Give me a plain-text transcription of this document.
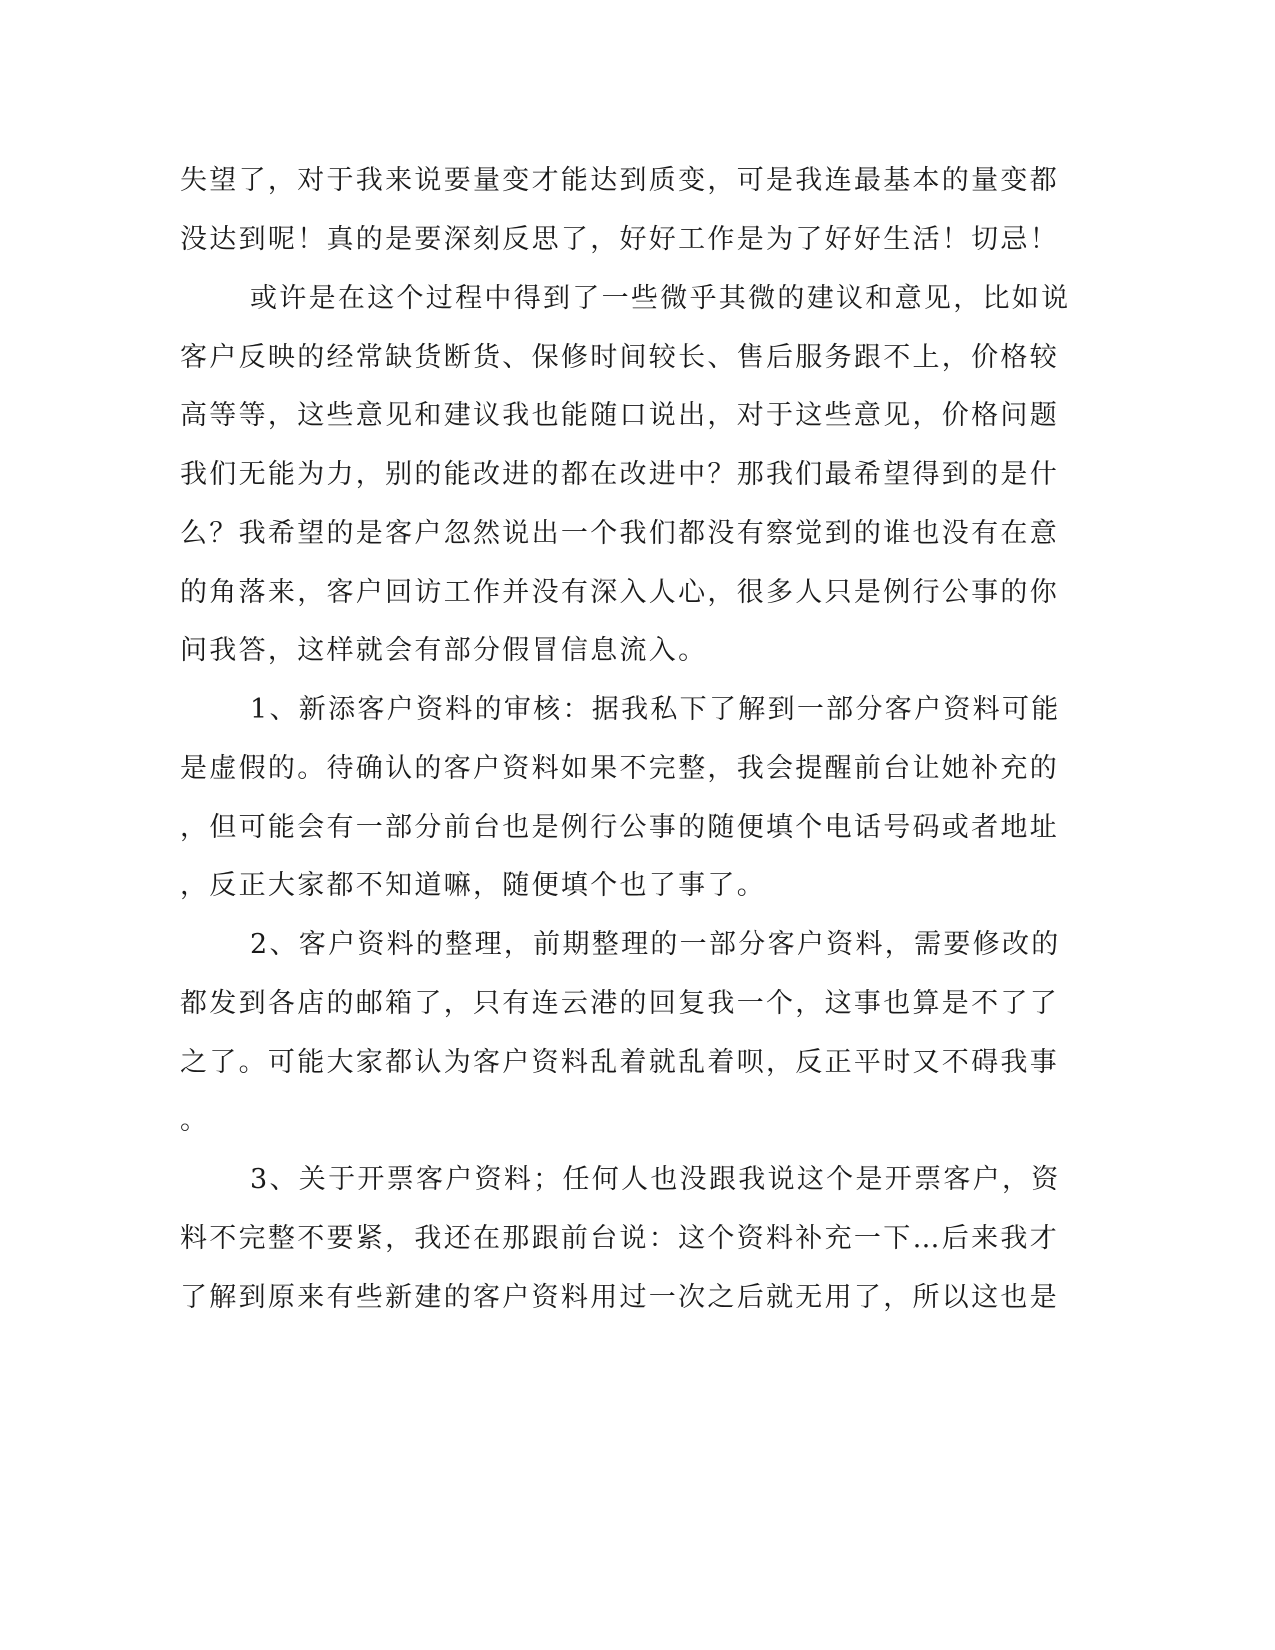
失望了，对于我来说要量变才能达到质变，可是我连最基本的量变都
没达到呢！真的是要深刻反思了，好好工作是为了好好生活！切忌！
或许是在这个过程中得到了一些微乎其微的建议和意见，比如说
客户反映的经常缺货断货、保修时间较长、售后服务跟不上，价格较
高等等，这些意见和建议我也能随口说出，对于这些意见，价格问题
我们无能为力，别的能改进的都在改进中？那我们最希望得到的是什
么？我希望的是客户忽然说出一个我们都没有察觉到的谁也没有在意
的角落来，客户回访工作并没有深入人心，很多人只是例行公事的你
问我答，这样就会有部分假冒信息流入。
1、新添客户资料的审核：据我私下了解到一部分客户资料可能
是虚假的。待确认的客户资料如果不完整，我会提醒前台让她补充的
，但可能会有一部分前台也是例行公事的随便填个电话号码或者地址
，反正大家都不知道嘛，随便填个也了事了。
2、客户资料的整理，前期整理的一部分客户资料，需要修改的
都发到各店的邮箱了，只有连云港的回复我一个，这事也算是不了了
之了。可能大家都认为客户资料乱着就乱着呗，反正平时又不碍我事
。
3、关于开票客户资料；任何人也没跟我说这个是开票客户，资
料不完整不要紧，我还在那跟前台说：这个资料补充一下…后来我才
了解到原来有些新建的客户资料用过一次之后就无用了，所以这也是
